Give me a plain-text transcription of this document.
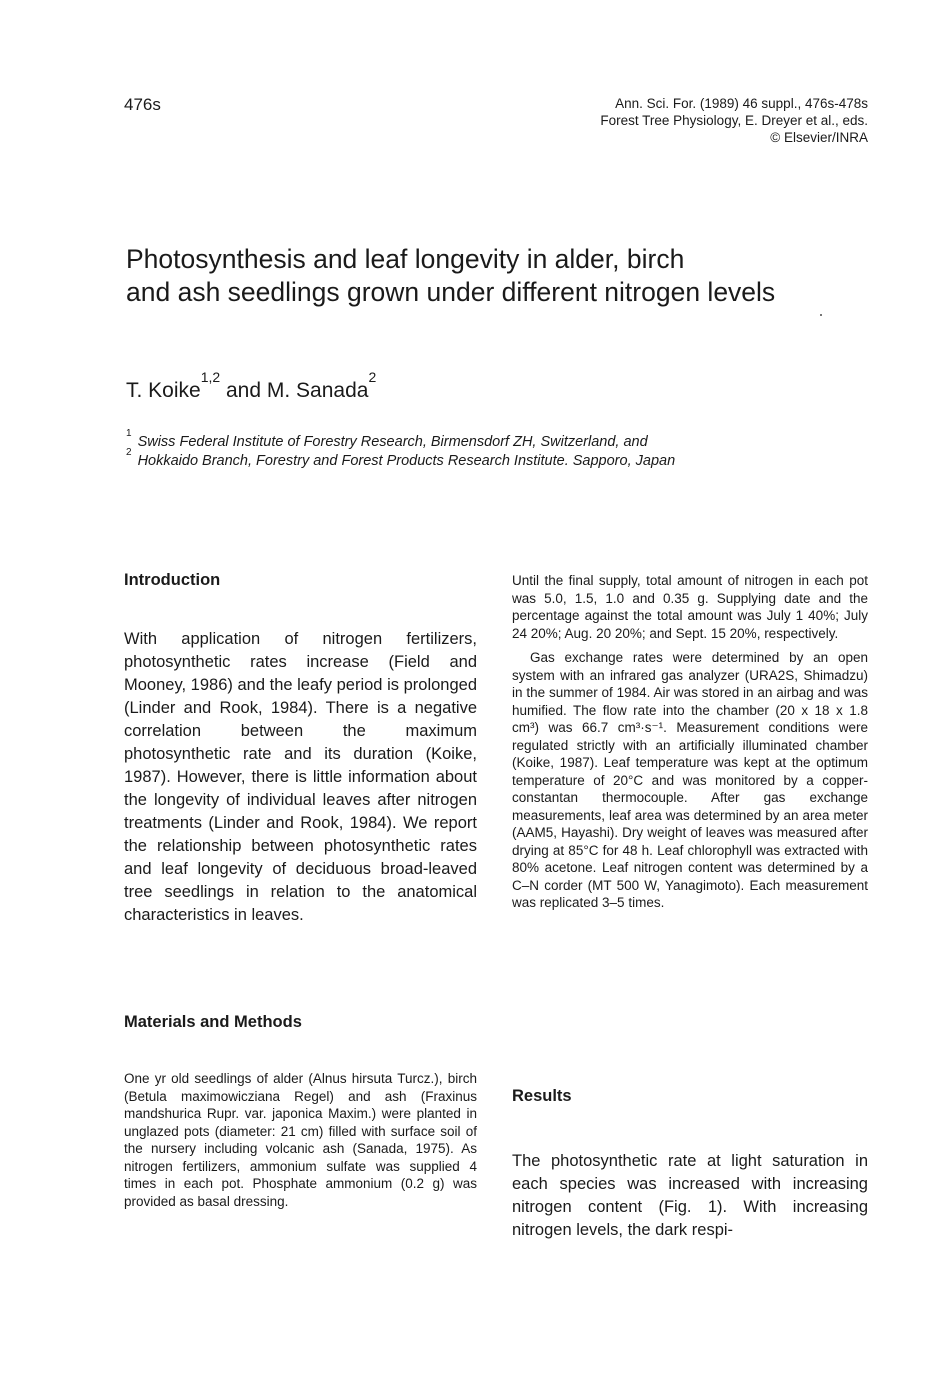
476s	Ann. Sci. For. (1989) 46 suppl., 476s-478s
Forest Tree Physiology, E. Dreyer et al., eds.
© Elsevier/INRA
Photosynthesis and leaf longevity in alder, birch
and ash seedlings grown under different nitrogen levels
T. Koike$^{1,2}$ and M. Sanada$^2$
$^1$Swiss Federal Institute of Forestry Research, Birmensdorf ZH, Switzerland, and
$^2$Hokkaido Branch, Forestry and Forest Products Research Institute. Sapporo, Japan
Introduction

With application of nitrogen fertilizers, photosynthetic rates increase (Field and Mooney, 1986) and the leafy period is prolonged (Linder and Rook, 1984). There is a negative correlation between the maximum photosynthetic rate and its duration (Koike, 1987). However, there is little information about the longevity of individual leaves after nitrogen treatments (Linder and Rook, 1984). We report the relationship between photosynthetic rates and leaf longevity of deciduous broad-leaved tree seedlings in relation to the anatomical characteristics in leaves.

Materials and Methods

One yr old seedlings of alder (Alnus hirsuta Turcz.), birch (Betula maximowicziana Regel) and ash (Fraxinus mandshurica Rupr. var. japonica Maxim.) were planted in unglazed pots (diameter: 21 cm) filled with surface soil of the nursery including volcanic ash (Sanada, 1975). As nitrogen fertilizers, ammonium sulfate was supplied 4 times in each pot. Phosphate ammonium (0.2 g) was provided as basal dressing.

Until the final supply, total amount of nitrogen in each pot was 5.0, 1.5, 1.0 and 0.35 g. Supplying date and the percentage against the total amount was July 1 40%; July 24 20%; Aug. 20 20%; and Sept. 15 20%, respectively.

Gas exchange rates were determined by an open system with an infrared gas analyzer (URA2S, Shimadzu) in the summer of 1984. Air was stored in an airbag and was humified. The flow rate into the chamber (20 x 18 x 1.8 cm³) was 66.7 cm³·s⁻¹. Measurement conditions were regulated strictly with an artificially illuminated chamber (Koike, 1987). Leaf temperature was kept at the optimum temperature of 20°C and was monitored by a copper-constantan thermocouple. After gas exchange measurements, leaf area was determined by an area meter (AAM5, Hayashi). Dry weight of leaves was measured after drying at 85°C for 48 h. Leaf chlorophyll was extracted with 80% acetone. Leaf nitrogen content was determined by a C–N corder (MT 500 W, Yanagimoto). Each measurement was replicated 3–5 times.

Results

The photosynthetic rate at light saturation in each species was increased with increasing nitrogen content (Fig. 1). With increasing nitrogen levels, the dark respi-
